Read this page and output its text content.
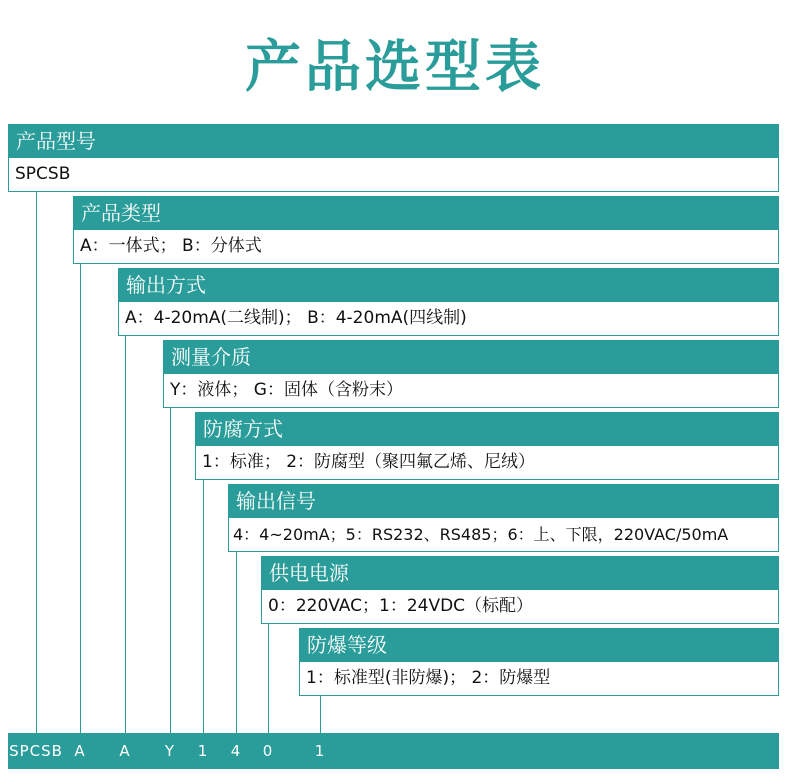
产品选型表
产品型号
SPCSB
产品类型
A：一体式； B：分体式
输出方式
A：4-20mA(二线制)； B：4-20mA(四线制)
测量介质
Y：液体； G：固体（含粉末）
防腐方式
1：标准； 2：防腐型（聚四氟乙烯、尼绒）
输出信号
4：4~20mA；5：RS232、RS485；6：上、下限，220VAC/50mA
供电电源
0：220VAC；1：24VDC（标配）
防爆等级
1：标准型(非防爆)； 2：防爆型
SPCSB A A Y 1 4 0	1
